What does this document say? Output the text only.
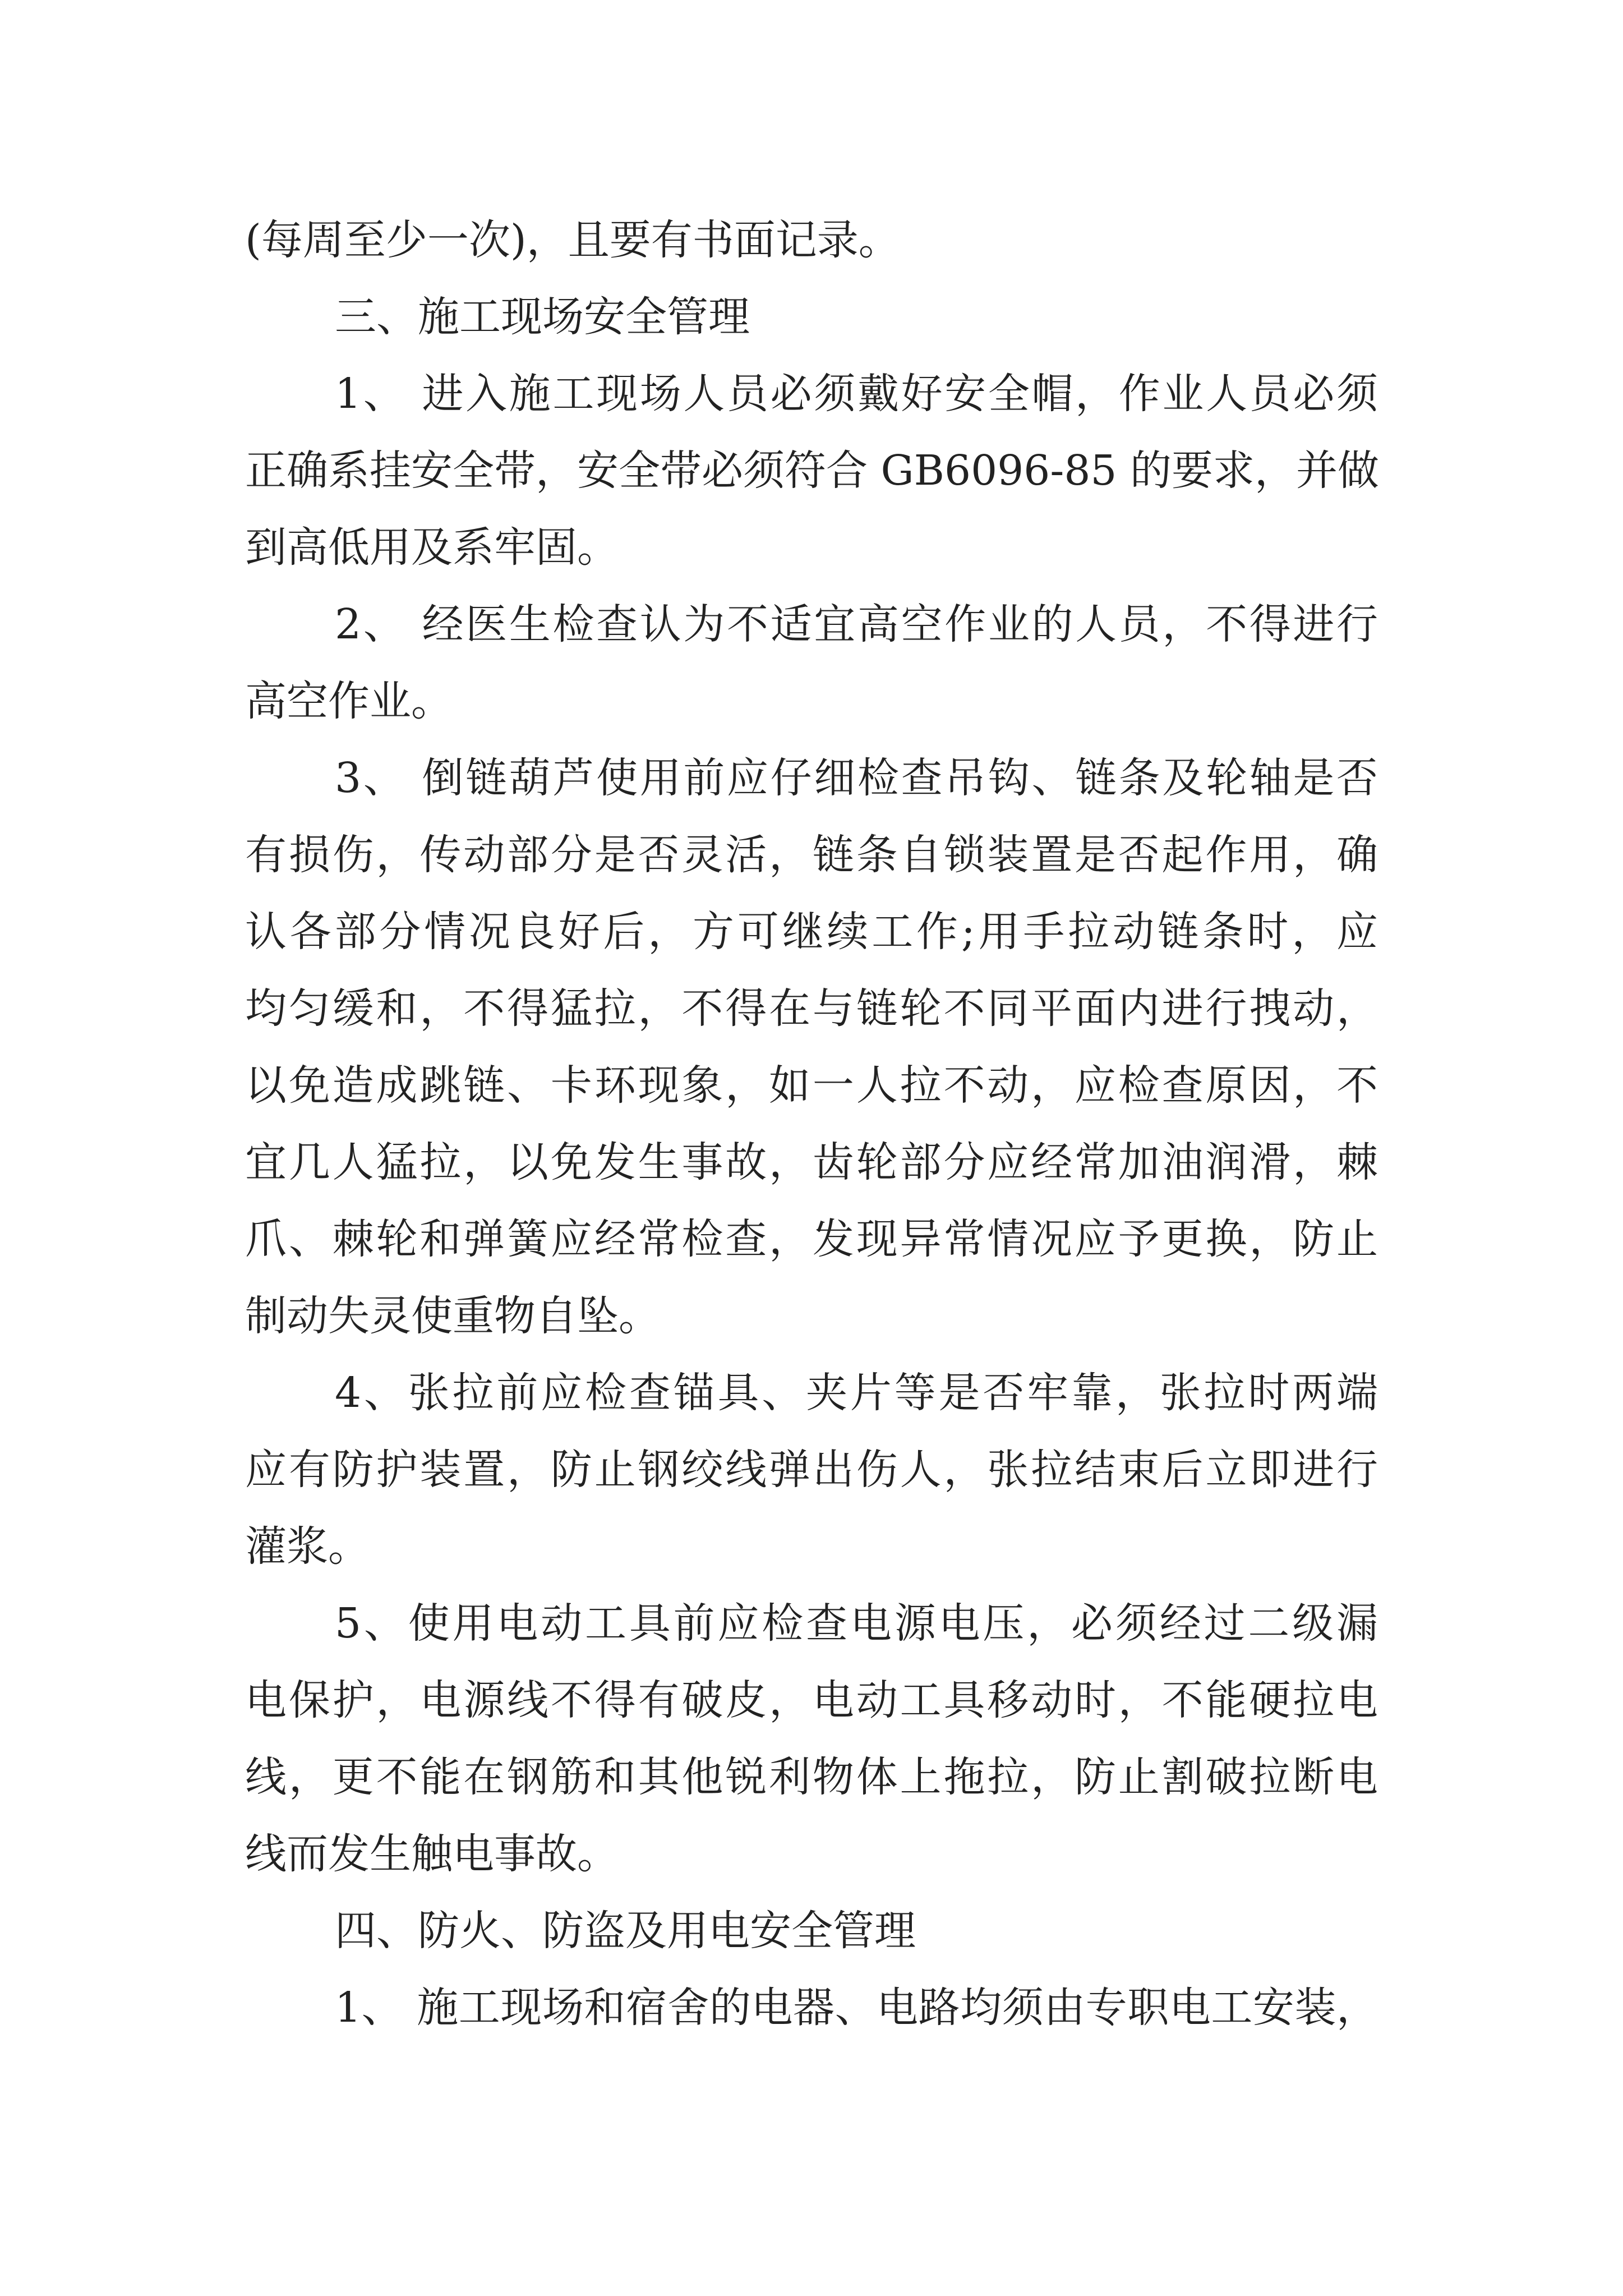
(每周至少一次)，且要有书面记录。
三、施工现场安全管理
1、 进入施工现场人员必须戴好安全帽，作业人员必须
正确系挂安全带，安全带必须符合 GB6096-85 的要求，并做
到高低用及系牢固。
2、 经医生检查认为不适宜高空作业的人员，不得进行
高空作业。
3、 倒链葫芦使用前应仔细检查吊钩、链条及轮轴是否
有损伤，传动部分是否灵活，链条自锁装置是否起作用，确
认各部分情况良好后，方可继续工作;用手拉动链条时，应
均匀缓和，不得猛拉，不得在与链轮不同平面内进行拽动，
以免造成跳链、卡环现象，如一人拉不动，应检查原因，不
宜几人猛拉，以免发生事故，齿轮部分应经常加油润滑，棘
爪、棘轮和弹簧应经常检查，发现异常情况应予更换，防止
制动失灵使重物自坠。
4、张拉前应检查锚具、夹片等是否牢靠，张拉时两端
应有防护装置，防止钢绞线弹出伤人，张拉结束后立即进行
灌浆。
5、使用电动工具前应检查电源电压，必须经过二级漏
电保护，电源线不得有破皮，电动工具移动时，不能硬拉电
线，更不能在钢筋和其他锐利物体上拖拉，防止割破拉断电
线而发生触电事故。
四、防火、防盗及用电安全管理
1、 施工现场和宿舍的电器、电路均须由专职电工安装，
